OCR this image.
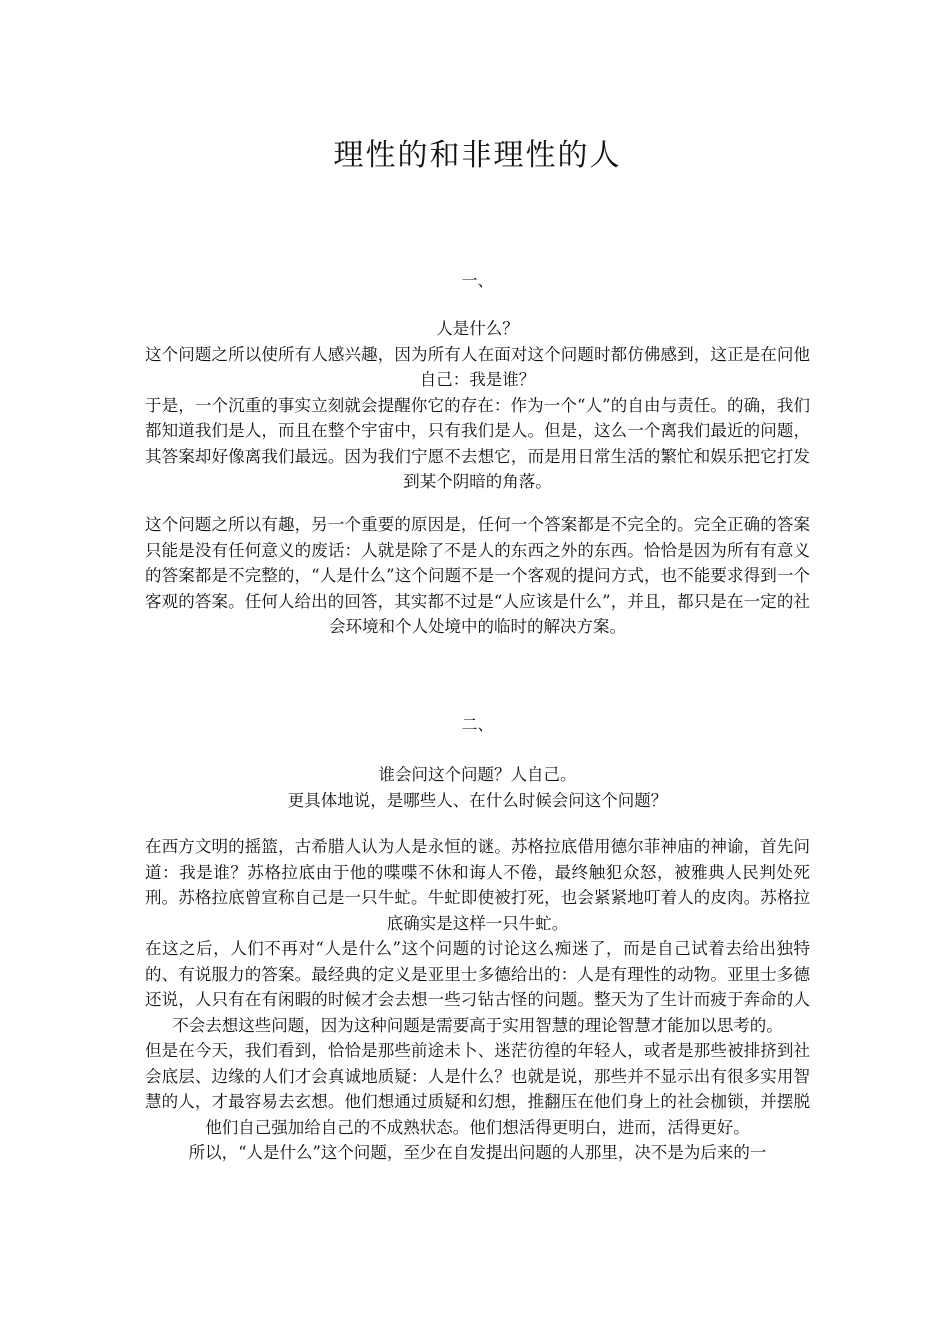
理性的和非理性的人
一、

人是什么？

这个问题之所以使所有人感兴趣，因为所有人在面对这个问题时都仿佛感到，这正是在问他自己：我是谁？

于是，一个沉重的事实立刻就会提醒你它的存在：作为一个“人”的自由与责任。的确，我们都知道我们是人，而且在整个宇宙中，只有我们是人。但是，这么一个离我们最近的问题，其答案却好像离我们最远。因为我们宁愿不去想它，而是用日常生活的繁忙和娱乐把它打发到某个阴暗的角落。

这个问题之所以有趣，另一个重要的原因是，任何一个答案都是不完全的。完全正确的答案只能是没有任何意义的废话：人就是除了不是人的东西之外的东西。恰恰是因为所有有意义的答案都是不完整的，“人是什么”这个问题不是一个客观的提问方式，也不能要求得到一个客观的答案。任何人给出的回答，其实都不过是“人应该是什么”，并且，都只是在一定的社会环境和个人处境中的临时的解决方案。

二、

谁会问这个问题？人自己。

更具体地说，是哪些人、在什么时候会问这个问题？

在西方文明的摇篮，古希腊人认为人是永恒的谜。苏格拉底借用德尔菲神庙的神谕，首先问道：我是谁？苏格拉底由于他的喋喋不休和诲人不倦，最终触犯众怒，被雅典人民判处死刑。苏格拉底曾宣称自己是一只牛虻。牛虻即使被打死，也会紧紧地叮着人的皮肉。苏格拉底确实是这样一只牛虻。

在这之后，人们不再对“人是什么”这个问题的讨论这么痴迷了，而是自己试着去给出独特的、有说服力的答案。最经典的定义是亚里士多德给出的：人是有理性的动物。亚里士多德还说，人只有在有闲暇的时候才会去想一些刁钻古怪的问题。整天为了生计而疲于奔命的人不会去想这些问题，因为这种问题是需要高于实用智慧的理论智慧才能加以思考的。

但是在今天，我们看到，恰恰是那些前途未卜、迷茫彷徨的年轻人，或者是那些被排挤到社会底层、边缘的人们才会真诚地质疑：人是什么？也就是说，那些并不显示出有很多实用智慧的人，才最容易去玄想。他们想通过质疑和幻想，推翻压在他们身上的社会枷锁，并摆脱他们自己强加给自己的不成熟状态。他们想活得更明白，进而，活得更好。

所以，“人是什么”这个问题，至少在自发提出问题的人那里，决不是为后来的一
